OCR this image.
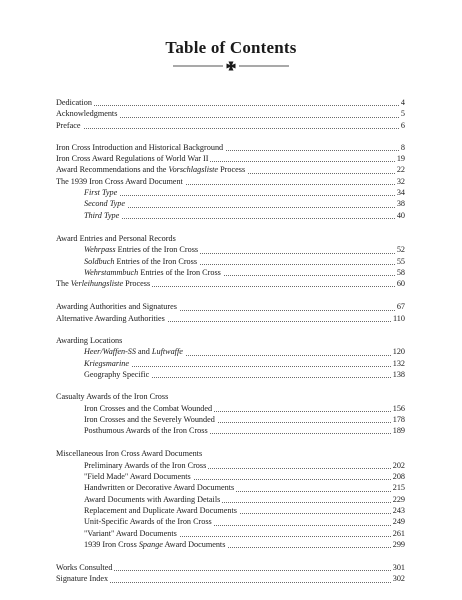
Table of Contents
Dedication	4
Acknowledgments	5
Preface	6
Iron Cross Introduction and Historical Background	8
Iron Cross Award Regulations of World War II	19
Award Recommendations and the Vorschlagsliste Process	22
The 1939 Iron Cross Award Document	32
First Type	34
Second Type	38
Third Type	40
Award Entries and Personal Records
Wehrpass Entries of the Iron Cross	52
Soldbuch Entries of the Iron Cross	55
Wehrstammbuch Entries of the Iron Cross	58
The Verleihungsliste Process	60
Awarding Authorities and Signatures	67
Alternative Awarding Authorities	110
Awarding Locations
Heer/Waffen-SS and Luftwaffe	120
Kriegsmarine	132
Geography Specific	138
Casualty Awards of the Iron Cross
Iron Crosses and the Combat Wounded	156
Iron Crosses and the Severely Wounded	178
Posthumous Awards of the Iron Cross	189
Miscellaneous Iron Cross Award Documents
Preliminary Awards of the Iron Cross	202
"Field Made" Award Documents	208
Handwritten or Decorative Award Documents	215
Award Documents with Awarding Details	229
Replacement and Duplicate Award Documents	243
Unit-Specific Awards of the Iron Cross	249
"Variant" Award Documents	261
1939 Iron Cross Spange Award Documents	299
Works Consulted	301
Signature Index	302
